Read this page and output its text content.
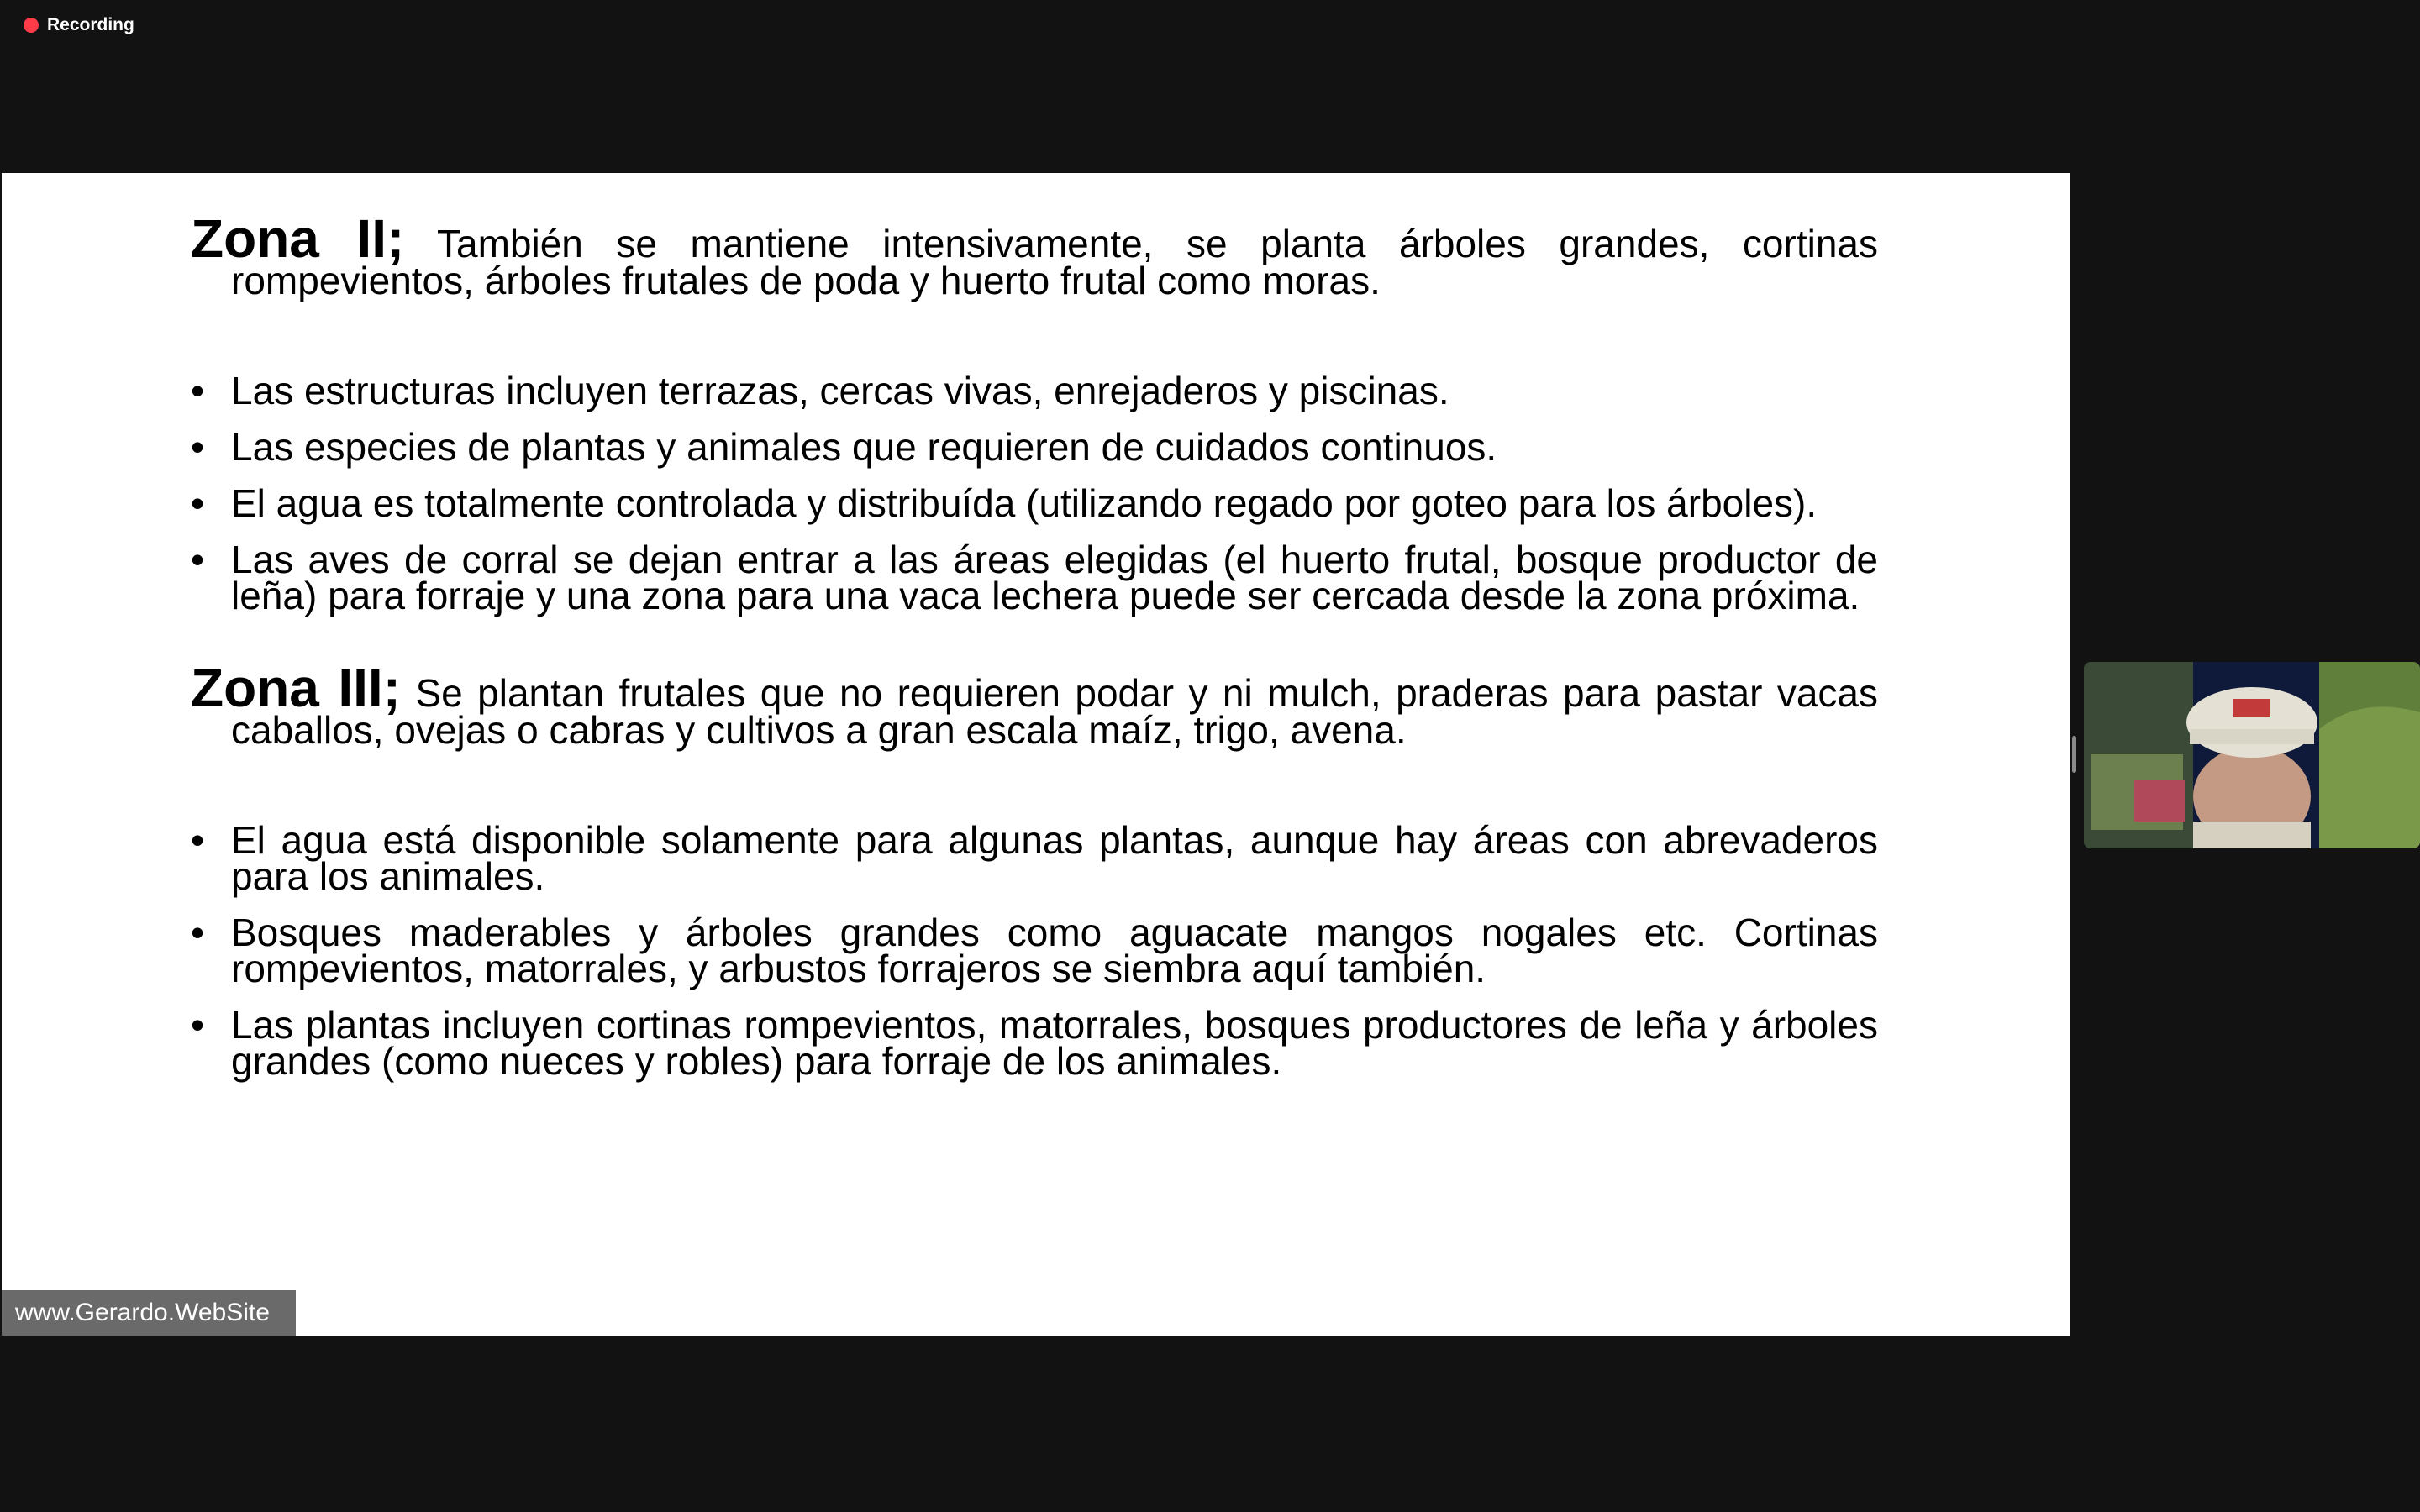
Recording

Zona II; También se mantiene intensivamente, se planta árboles grandes, cortinas rompevientos, árboles frutales de poda y huerto frutal como moras.

• Las estructuras incluyen terrazas, cercas vivas, enrejaderos y piscinas.
• Las especies de plantas y animales que requieren de cuidados continuos.
• El agua es totalmente controlada y distribuída (utilizando regado por goteo para los árboles).
• Las aves de corral se dejan entrar a las áreas elegidas (el huerto frutal, bosque productor de leña) para forraje y una zona para una vaca lechera puede ser cercada desde la zona próxima.

Zona III; Se plantan frutales que no requieren podar y ni mulch, praderas para pastar vacas caballos, ovejas o cabras y cultivos a gran escala maíz, trigo, avena.

• El agua está disponible solamente para algunas plantas, aunque hay áreas con abrevaderos para los animales.
• Bosques maderables y árboles grandes como aguacate mangos nogales etc. Cortinas rompevientos, matorrales, y arbustos forrajeros se siembra aquí también.
• Las plantas incluyen cortinas rompevientos, matorrales, bosques productores de leña y árboles grandes (como nueces y robles) para forraje de los animales.
www.Gerardo.WebSite
